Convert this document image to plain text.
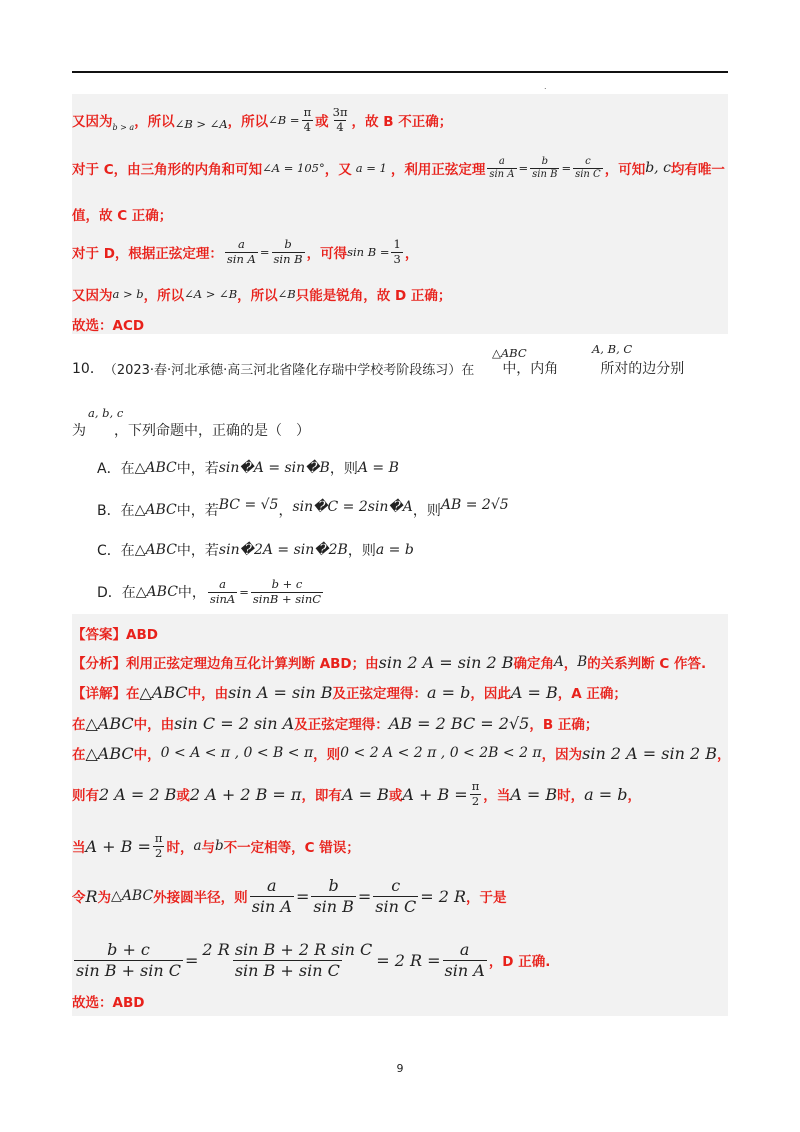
.
又因为 b > a ，所以 ∠B > ∠A ，所以 ∠B = $\frac{\pi}{4}$ 或 $\frac{3\pi}{4}$ ，故 B 不正确；
对于 C，由三角形的内角和可知 ∠A = 105° ，又 a = 1 ，利用正弦定理 $\frac{a}{\text{sin A}} = \frac{b}{\text{sin B}} = \frac{c}{\text{sin C}}$ ，可知 b, c 均有唯一
值，故 C 正确；
对于 D，根据正弦定理： $\frac{a}{\text{sin A}} = \frac{b}{\text{sin B}}$ ，可得 $\sin B = \frac{1}{3}$ ，
又因为 a > b ，所以 ∠A > ∠B ，所以 ∠B 只能是锐角，故 D 正确；
故选：ACD
10． （2023·春·河北承德·高三河北省隆化存瑞中学校考阶段练习）在 中，内角	所对的边分别
△ABC	A, B, C
为 ，下列命题中，正确的是（　）
a, b, c
A．在 △ABC 中，若 sin�A = sin�B ，则 A = B
B．在 △ABC 中，若 BC = √5 ， sin�C = 2sin�A ，则 AB = 2√5
C．在 △ABC 中，若 sin�2A = sin�2B ，则 a = b
D．在 △ABC 中， $\frac{a}{\sin A} = \frac{b + c}{\sin B + \sin C}$
【答案】ABD
【分析】利用正弦定理边角互化计算判断 ABD；由 sin 2 A = sin 2 B 确定角 A ， B 的关系判断 C 作答.
【详解】在 △ABC 中，由 sin A = sin B 及正弦定理得： a = b ，因此 A = B ，A 正确；
在 △ABC 中，由 sin C = 2 sin A 及正弦定理得： AB = 2 BC = 2√5 ，B 正确；
在 △ABC 中， 0 < A < π , 0 < B < π ，则 0 < 2 A < 2 π , 0 < 2B < 2 π ，因为 sin 2 A = sin 2 B ，
则有 2 A = 2 B 或 2 A + 2 B = π ，即有 A = B 或 $A + B = \frac{\pi}{2}$ ，当 A = B 时， a = b ，
当 $A + B = \frac{\pi}{2}$ 时， a 与 b 不一定相等，C 错误；
令 R 为 △ABC 外接圆半径，则 $\frac{a}{\text{sin A}} = \frac{b}{\text{sin B}} = \frac{c}{\text{sin C}} = 2$ R ，于是
$\frac{b + c}{\text{sin B + sin C}} = \frac{\text{2 R sin B + 2 R sin C}}{\text{sin B + sin C}} = 2$ $R = \frac{a}{\text{sin A}}$ ，D 正确.
故选：ABD
9
